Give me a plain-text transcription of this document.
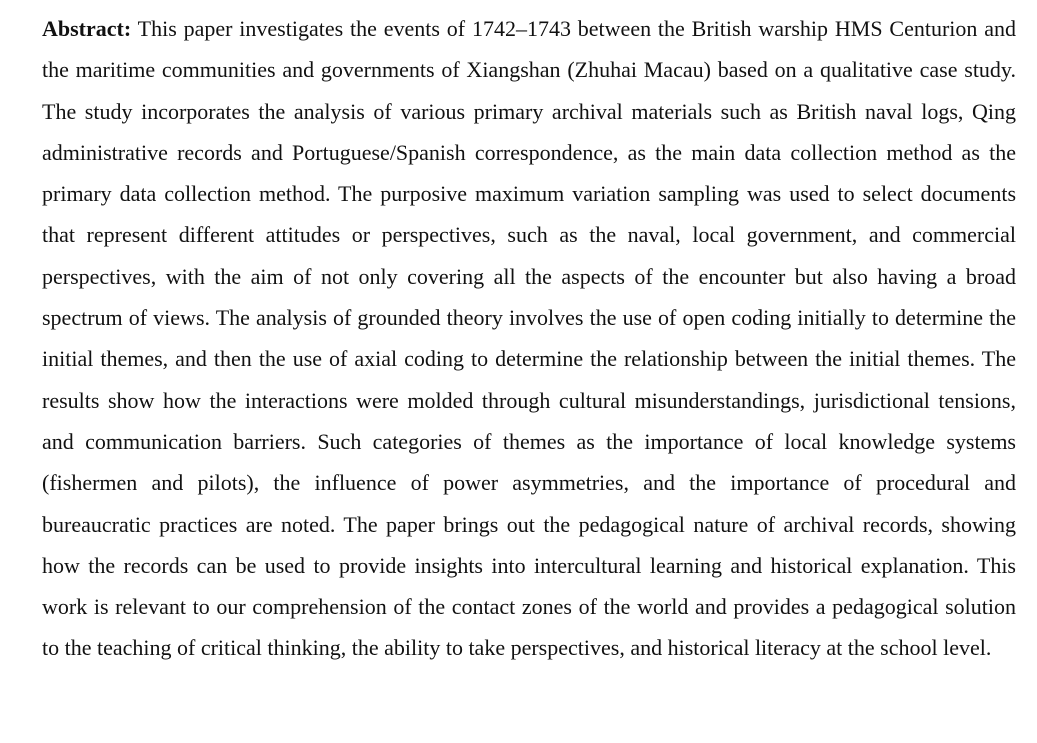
Abstract: This paper investigates the events of 1742–1743 between the British warship HMS Centurion and the maritime communities and governments of Xiangshan (Zhuhai Macau) based on a qualitative case study. The study incorporates the analysis of various primary archival materials such as British naval logs, Qing administrative records and Portuguese/Spanish correspondence, as the main data collection method as the primary data collection method. The purposive maximum variation sampling was used to select documents that represent different attitudes or perspectives, such as the naval, local government, and commercial perspectives, with the aim of not only covering all the aspects of the encounter but also having a broad spectrum of views. The analysis of grounded theory involves the use of open coding initially to determine the initial themes, and then the use of axial coding to determine the relationship between the initial themes. The results show how the interactions were molded through cultural misunderstandings, jurisdictional tensions, and communication barriers. Such categories of themes as the importance of local knowledge systems (fishermen and pilots), the influence of power asymmetries, and the importance of procedural and bureaucratic practices are noted. The paper brings out the pedagogical nature of archival records, showing how the records can be used to provide insights into intercultural learning and historical explanation. This work is relevant to our comprehension of the contact zones of the world and provides a pedagogical solution to the teaching of critical thinking, the ability to take perspectives, and historical literacy at the school level.
